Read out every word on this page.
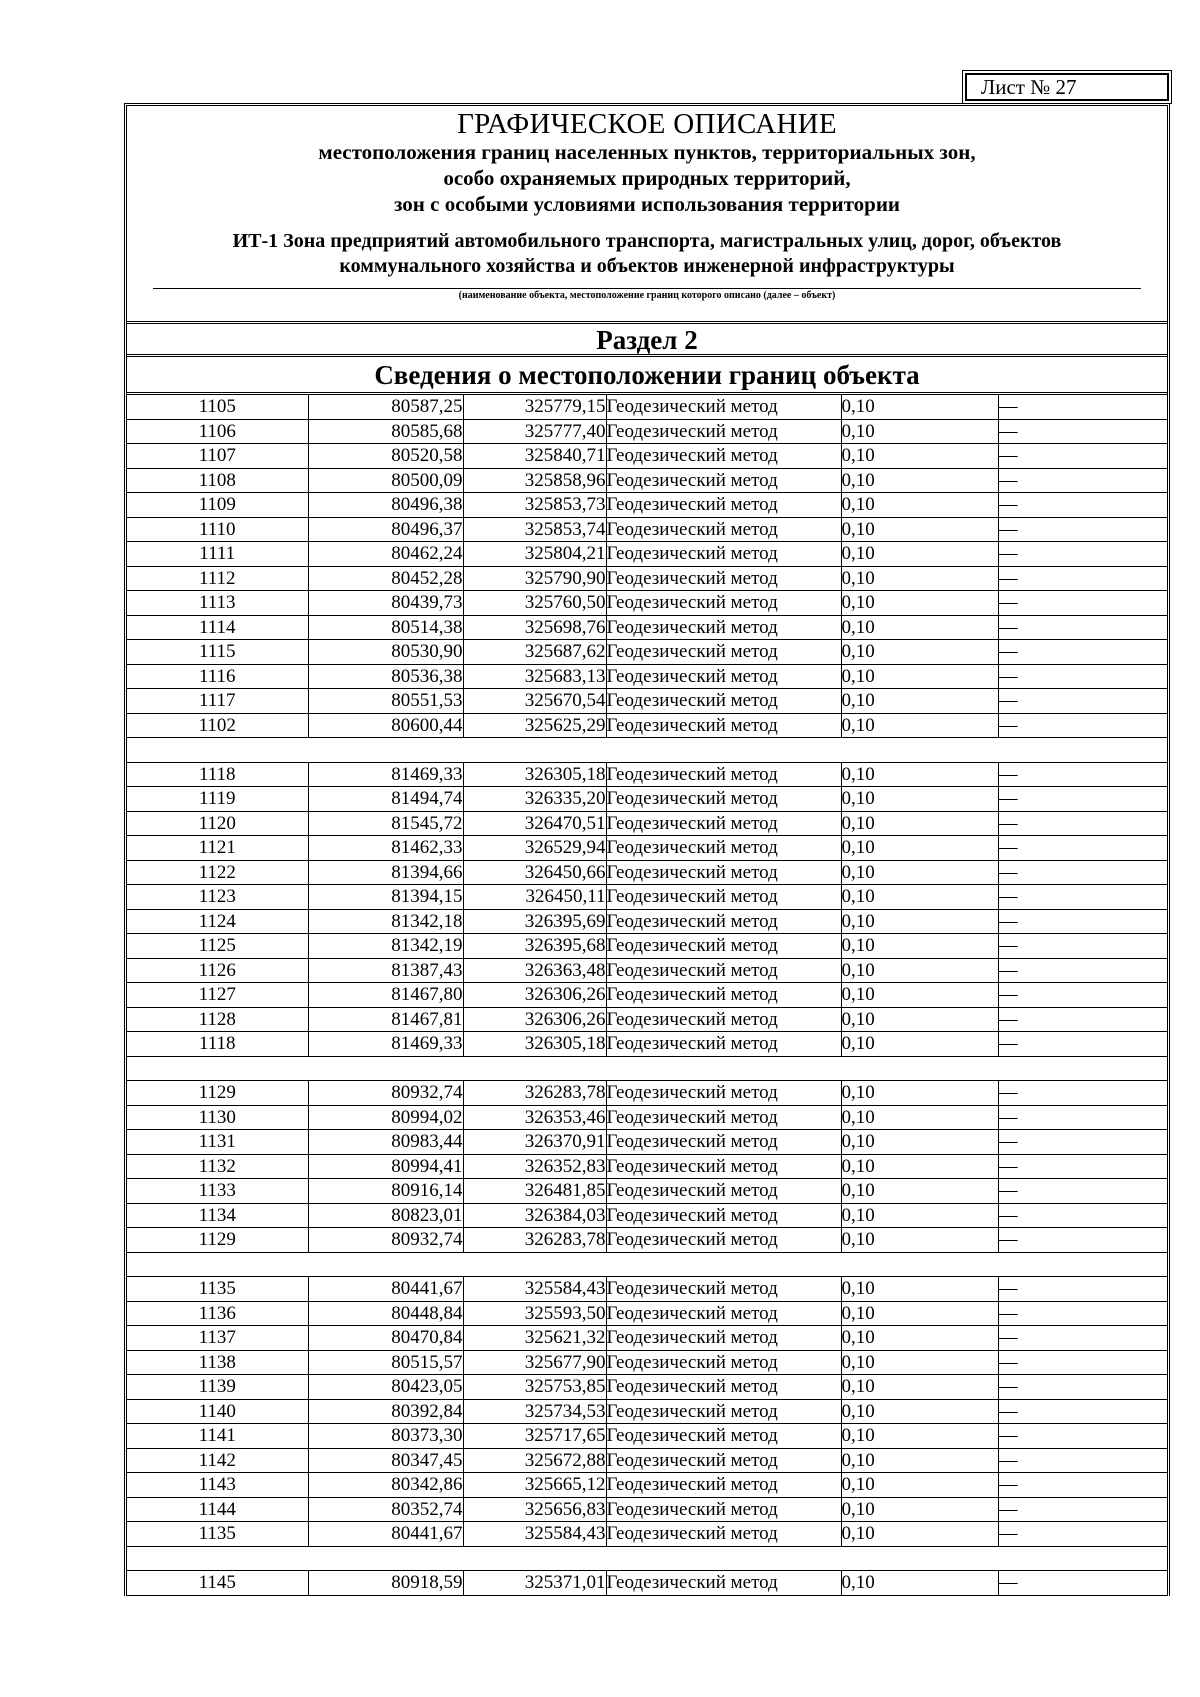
Лист № 27
ГРАФИЧЕСКОЕ ОПИСАНИЕ
местоположения границ населенных пунктов, территориальных зон,
особо охраняемых природных территорий,
зон с особыми условиями использования территории
ИТ-1 Зона предприятий автомобильного транспорта, магистральных улиц, дорог, объектов
коммунального хозяйства и объектов инженерной инфраструктуры
(наименование объекта, местоположение границ которого описано (далее – объект)
Раздел 2
Сведения о местоположении границ объекта
1105	80587,25	325779,15	Геодезический метод	0,10	—
1106	80585,68	325777,40	Геодезический метод	0,10	—
1107	80520,58	325840,71	Геодезический метод	0,10	—
1108	80500,09	325858,96	Геодезический метод	0,10	—
1109	80496,38	325853,73	Геодезический метод	0,10	—
1110	80496,37	325853,74	Геодезический метод	0,10	—
1111	80462,24	325804,21	Геодезический метод	0,10	—
1112	80452,28	325790,90	Геодезический метод	0,10	—
1113	80439,73	325760,50	Геодезический метод	0,10	—
1114	80514,38	325698,76	Геодезический метод	0,10	—
1115	80530,90	325687,62	Геодезический метод	0,10	—
1116	80536,38	325683,13	Геодезический метод	0,10	—
1117	80551,53	325670,54	Геодезический метод	0,10	—
1102	80600,44	325625,29	Геодезический метод	0,10	—

1118	81469,33	326305,18	Геодезический метод	0,10	—
1119	81494,74	326335,20	Геодезический метод	0,10	—
1120	81545,72	326470,51	Геодезический метод	0,10	—
1121	81462,33	326529,94	Геодезический метод	0,10	—
1122	81394,66	326450,66	Геодезический метод	0,10	—
1123	81394,15	326450,11	Геодезический метод	0,10	—
1124	81342,18	326395,69	Геодезический метод	0,10	—
1125	81342,19	326395,68	Геодезический метод	0,10	—
1126	81387,43	326363,48	Геодезический метод	0,10	—
1127	81467,80	326306,26	Геодезический метод	0,10	—
1128	81467,81	326306,26	Геодезический метод	0,10	—
1118	81469,33	326305,18	Геодезический метод	0,10	—

1129	80932,74	326283,78	Геодезический метод	0,10	—
1130	80994,02	326353,46	Геодезический метод	0,10	—
1131	80983,44	326370,91	Геодезический метод	0,10	—
1132	80994,41	326352,83	Геодезический метод	0,10	—
1133	80916,14	326481,85	Геодезический метод	0,10	—
1134	80823,01	326384,03	Геодезический метод	0,10	—
1129	80932,74	326283,78	Геодезический метод	0,10	—

1135	80441,67	325584,43	Геодезический метод	0,10	—
1136	80448,84	325593,50	Геодезический метод	0,10	—
1137	80470,84	325621,32	Геодезический метод	0,10	—
1138	80515,57	325677,90	Геодезический метод	0,10	—
1139	80423,05	325753,85	Геодезический метод	0,10	—
1140	80392,84	325734,53	Геодезический метод	0,10	—
1141	80373,30	325717,65	Геодезический метод	0,10	—
1142	80347,45	325672,88	Геодезический метод	0,10	—
1143	80342,86	325665,12	Геодезический метод	0,10	—
1144	80352,74	325656,83	Геодезический метод	0,10	—
1135	80441,67	325584,43	Геодезический метод	0,10	—

1145	80918,59	325371,01	Геодезический метод	0,10	—
